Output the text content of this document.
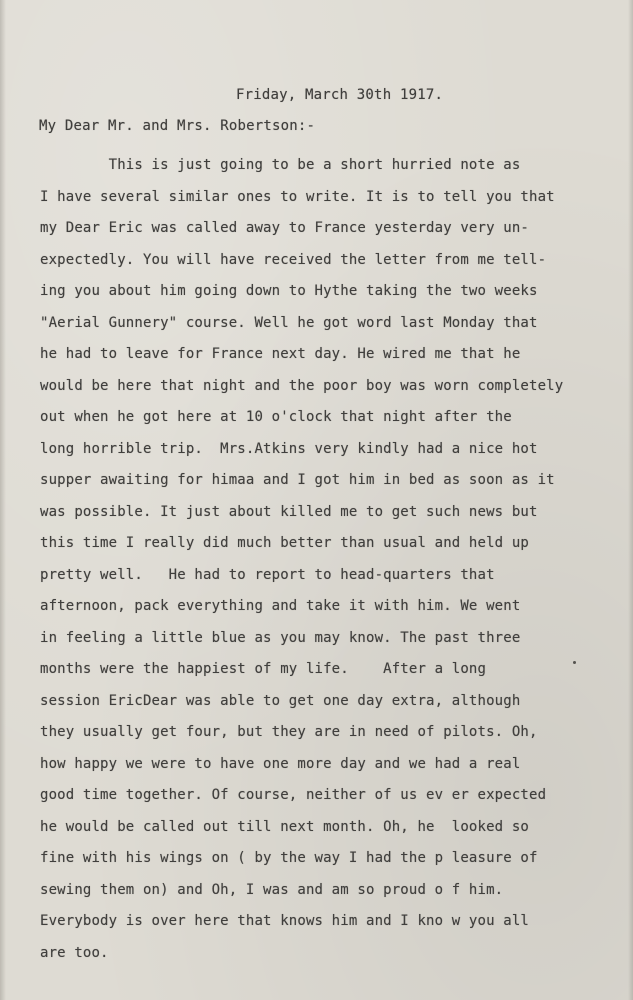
Friday, March 30th 1917.
My Dear Mr. and Mrs. Robertson:-
This is just going to be a short hurried note as
I have several similar ones to write. It is to tell you that
my Dear Eric was called away to France yesterday very un-
expectedly. You will have received the letter from me tell-
ing you about him going down to Hythe taking the two weeks
"Aerial Gunnery" course. Well he got word last Monday that
he had to leave for France next day. He wired me that he
would be here that night and the poor boy was worn completely
out when he got here at 10 o'clock that night after the
long horrible trip.  Mrs.Atkins very kindly had a nice hot
supper awaiting for himaa and I got him in bed as soon as it
was possible. It just about killed me to get such news but
this time I really did much better than usual and held up
pretty well.   He had to report to head-quarters that
afternoon, pack everything and take it with him. We went
in feeling a little blue as you may know. The past three
months were the happiest of my life.    After a long
session EricDear was able to get one day extra, although
they usually get four, but they are in need of pilots. Oh,
how happy we were to have one more day and we had a real
good time together. Of course, neither of us ev er expected
he would be called out till next month. Oh, he  looked so
fine with his wings on ( by the way I had the p leasure of
sewing them on) and Oh, I was and am so proud o f him.
Everybody is over here that knows him and I kno w you all
are too.
